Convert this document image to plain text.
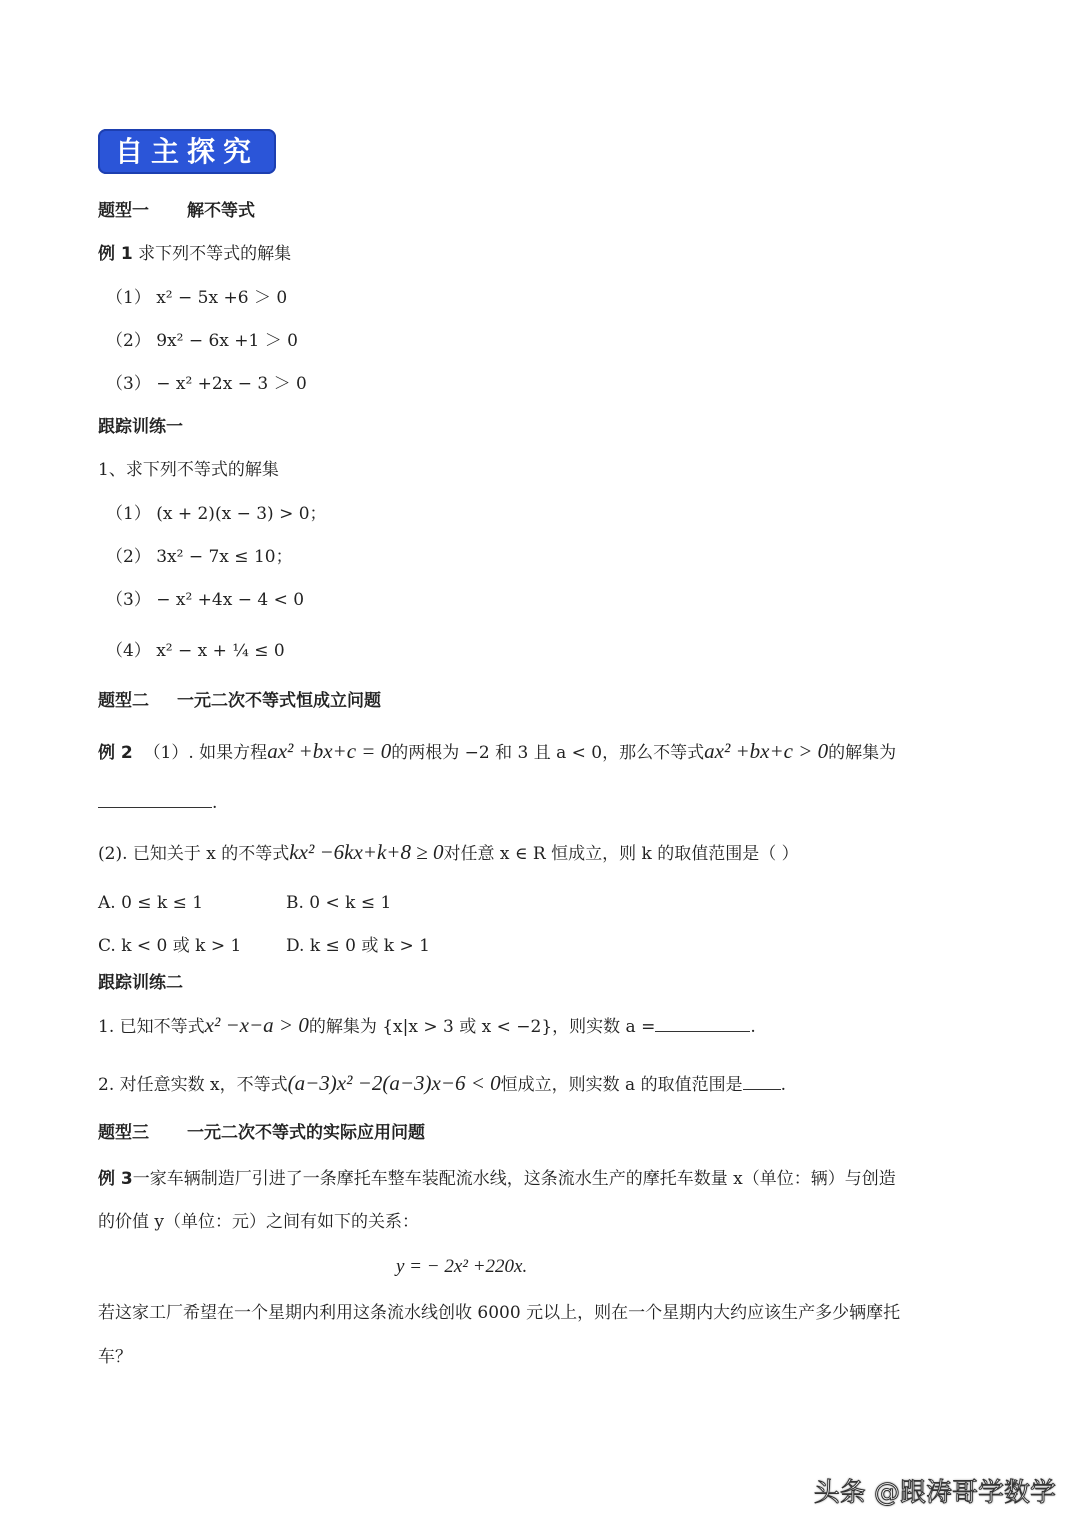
自主探究
题型一 解不等式
例 1 求下列不等式的解集
（1） x² − 5x +6 ＞ 0
（2） 9x² − 6x +1 ＞ 0
（3） − x² +2x − 3 ＞ 0
跟踪训练一
1、求下列不等式的解集
（1） (x + 2)(x − 3) > 0；
（2） 3x² − 7x ≤ 10；
（3） − x² +4x − 4 < 0
（4） x² − x + ¼ ≤ 0
题型二 一元二次不等式恒成立问题
例 2 （1）. 如果方程ax² +bx+c = 0的两根为 −2 和 3 且 a < 0，那么不等式ax² +bx+c > 0的解集为
.
(2). 已知关于 x 的不等式kx² −6kx+k+8 ≥ 0对任意 x ∈ R 恒成立，则 k 的取值范围是（ ）
A. 0 ≤ k ≤ 1	B. 0 < k ≤ 1
C. k < 0 或 k > 1	D. k ≤ 0 或 k > 1
跟踪训练二
1. 已知不等式x² −x−a > 0的解集为 {x|x > 3 或 x < −2}，则实数 a =	.
2. 对任意实数 x，不等式(a−3)x² −2(a−3)x−6 < 0恒成立，则实数 a 的取值范围是 .
题型三 一元二次不等式的实际应用问题
例 3一家车辆制造厂引进了一条摩托车整车装配流水线，这条流水生产的摩托车数量 x（单位：辆）与创造
的价值 y（单位：元）之间有如下的关系：
y = − 2x² +220x.
若这家工厂希望在一个星期内利用这条流水线创收 6000 元以上，则在一个星期内大约应该生产多少辆摩托
车？
头条 @跟涛哥学数学
